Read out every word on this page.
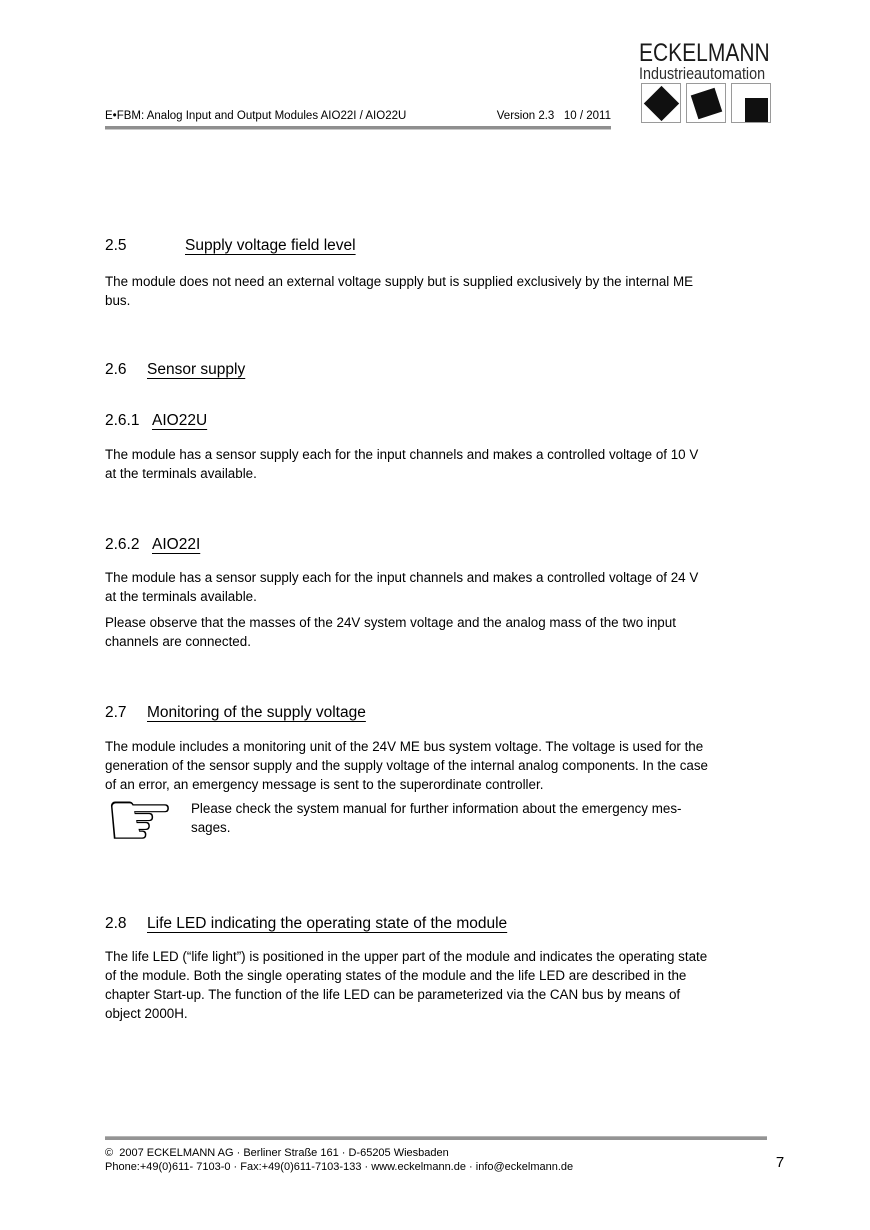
E•FBM: Analog Input and Output Modules AIO22I / AIO22U	Version 2.3   10 / 2011
ECKELMANN
Industrieautomation
2.5	Supply voltage field level
The module does not need an external voltage supply but is supplied exclusively by the internal ME
bus.
2.6 Sensor supply
2.6.1 AIO22U
The module has a sensor supply each for the input channels and makes a controlled voltage of 10 V
at the terminals available.
2.6.2 AIO22I
The module has a sensor supply each for the input channels and makes a controlled voltage of 24 V
at the terminals available.
Please observe that the masses of the 24V system voltage and the analog mass of the two input
channels are connected.
2.7 Monitoring of the supply voltage
The module includes a monitoring unit of the 24V ME bus system voltage. The voltage is used for the
generation of the sensor supply and the supply voltage of the internal analog components. In the case
of an error, an emergency message is sent to the superordinate controller.
☞ Please check the system manual for further information about the emergency mes-
sages.
2.8 Life LED indicating the operating state of the module
The life LED (“life light”) is positioned in the upper part of the module and indicates the operating state
of the module. Both the single operating states of the module and the life LED are described in the
chapter Start-up. The function of the life LED can be parameterized via the CAN bus by means of
object 2000H.
©  2007 ECKELMANN AG · Berliner Straße 161 · D-65205 Wiesbaden
Phone:+49(0)611- 7103-0 · Fax:+49(0)611-7103-133 · www.eckelmann.de · info@eckelmann.de	7
